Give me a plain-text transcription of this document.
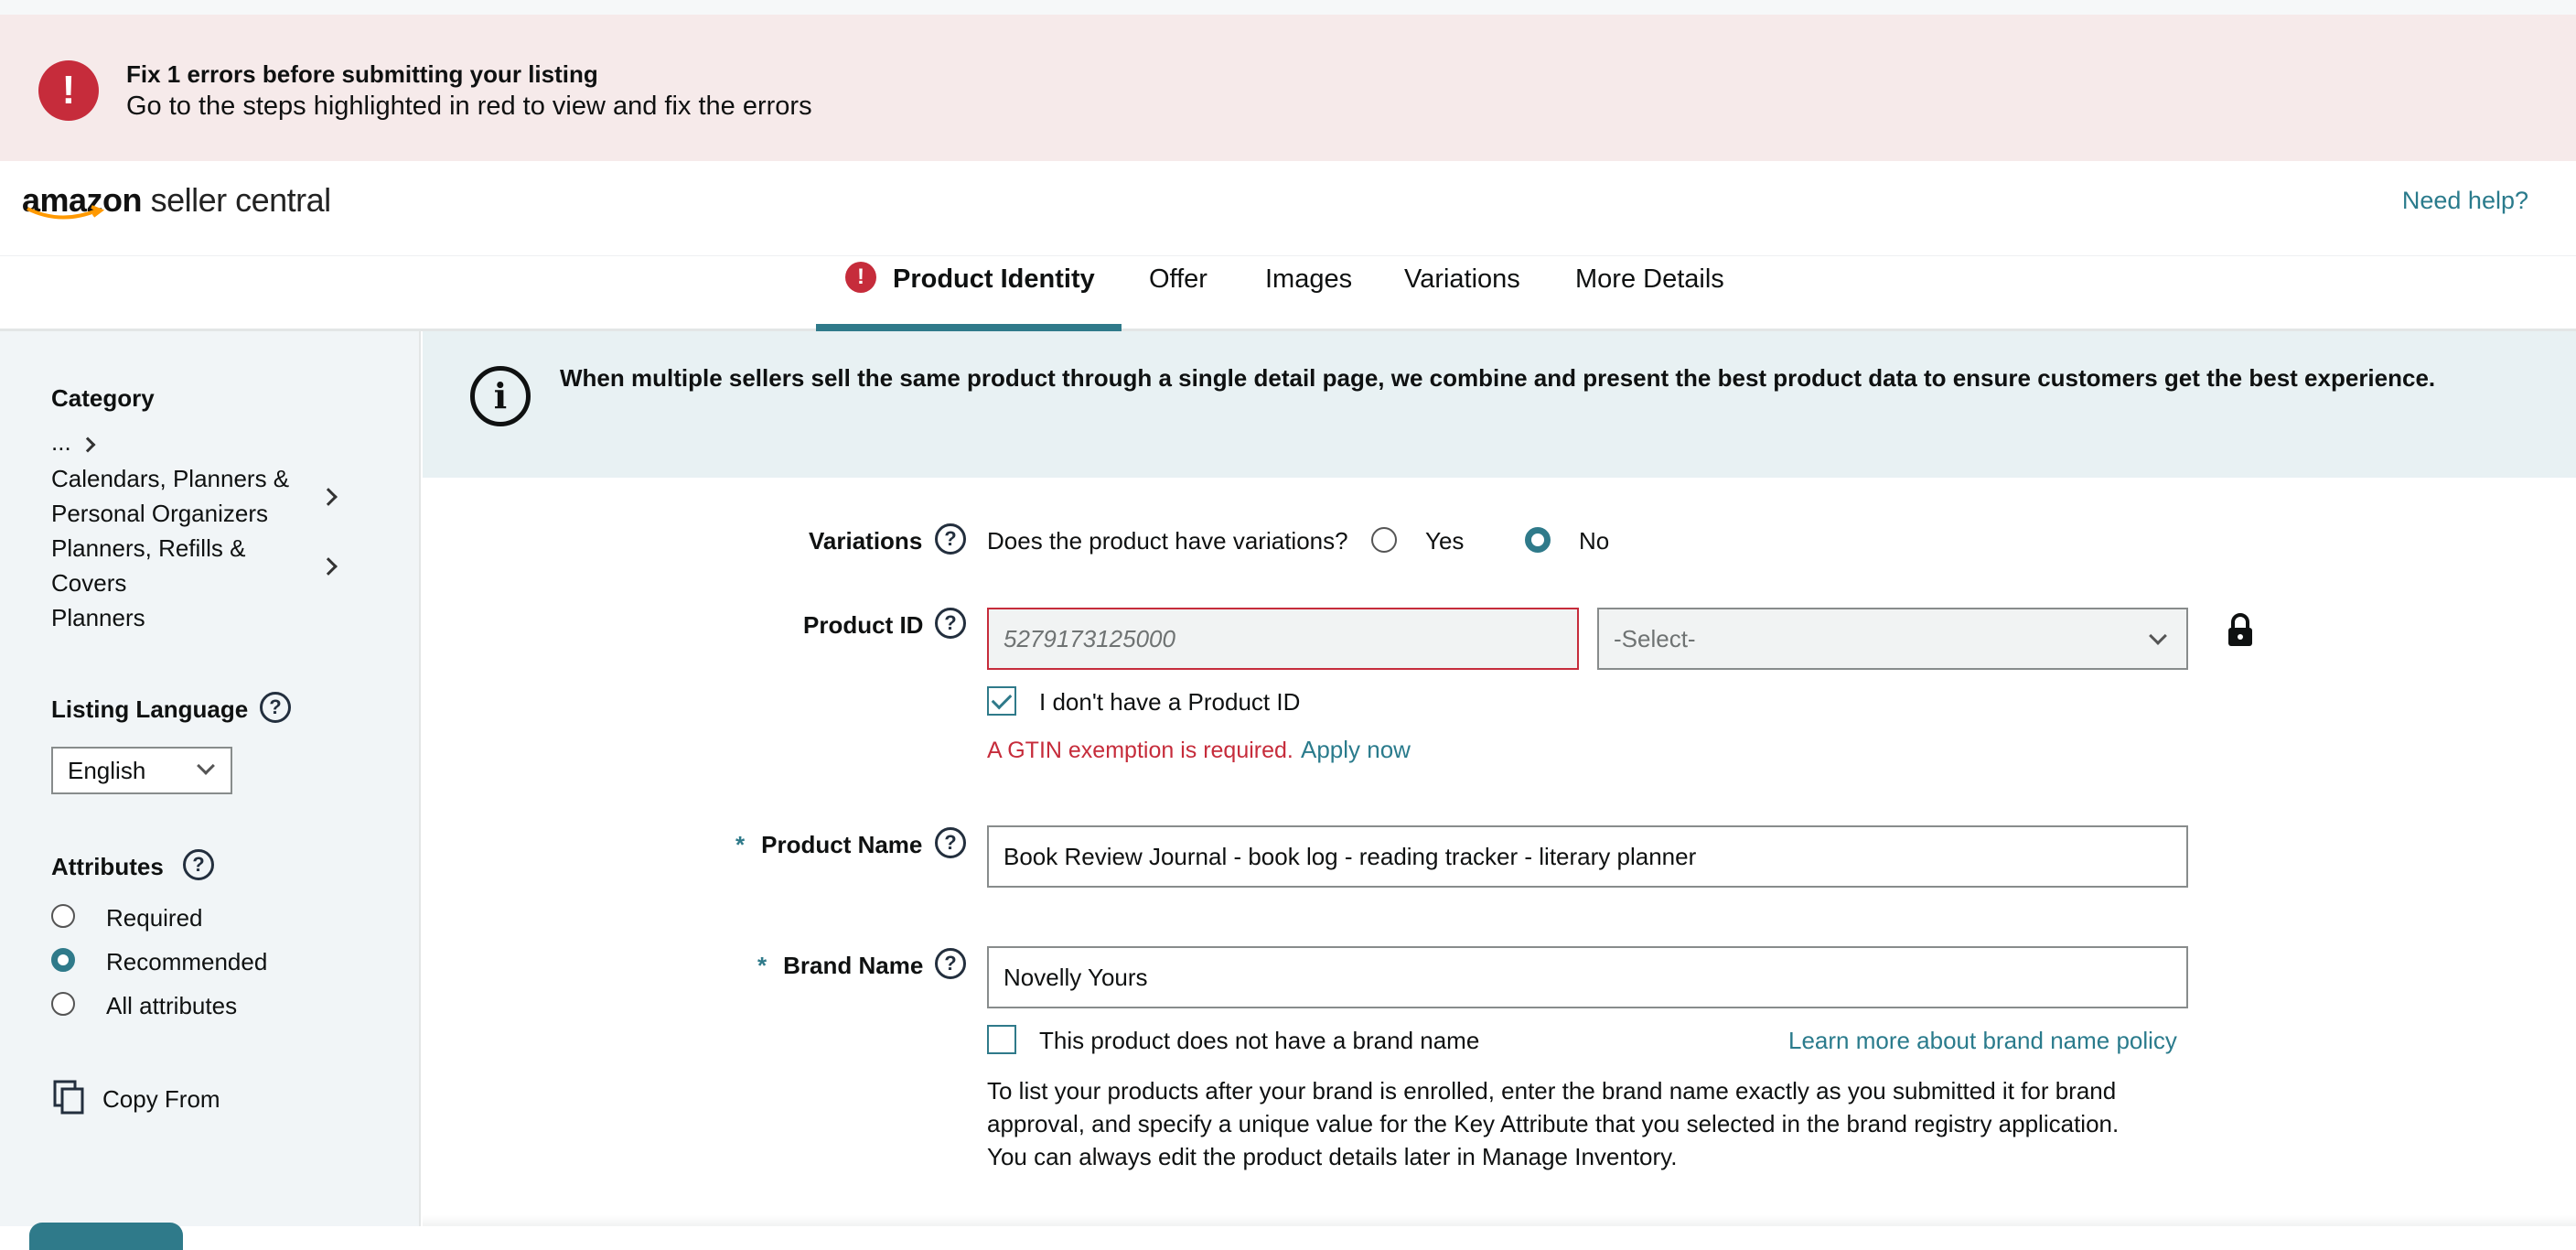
!	Fix 1 errors before submitting your listing
Go to the steps highlighted in red to view and fix the errors
amazon seller central	Need help?
! Product Identity	Offer Images Variations More Details
Category
...
Calendars, Planners &
Personal Organizers
Planners, Refills &
Covers
Planners
Listing Language	?
English
Attributes	?
Required
Recommended
All attributes
Copy From
i	When multiple sellers sell the same product through a single detail page, we combine and present the best product data to ensure customers get the best experience.
Variations	?	Does the product have variations?	Yes	No
Product ID	?
5279173125000	-Select-
I don't have a Product ID
A GTIN exemption is required. Apply now
* Product Name	?
Book Review Journal - book log - reading tracker - literary planner
* Brand Name	?
Novelly Yours
This product does not have a brand name	Learn more about brand name policy
To list your products after your brand is enrolled, enter the brand name exactly as you submitted it for brand
approval, and specify a unique value for the Key Attribute that you selected in the brand registry application.
You can always edit the product details later in Manage Inventory.
